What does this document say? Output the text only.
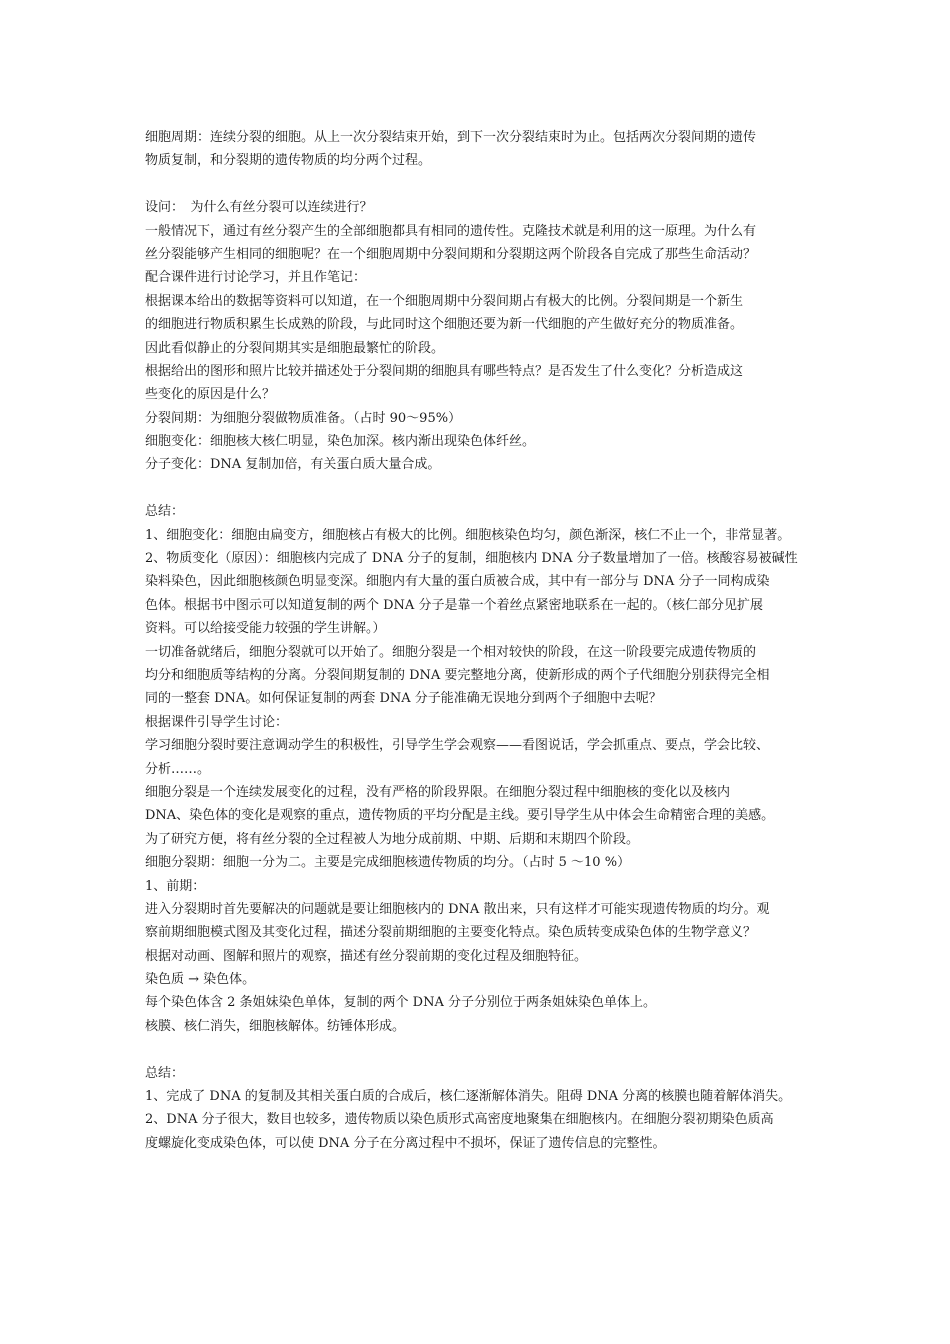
细胞周期：连续分裂的细胞。从上一次分裂结束开始，到下一次分裂结束时为止。包括两次分裂间期的遗传
物质复制，和分裂期的遗传物质的均分两个过程。
设问：　为什么有丝分裂可以连续进行？
一般情况下，通过有丝分裂产生的全部细胞都具有相同的遗传性。克隆技术就是利用的这一原理。为什么有
丝分裂能够产生相同的细胞呢？在一个细胞周期中分裂间期和分裂期这两个阶段各自完成了那些生命活动？
配合课件进行讨论学习，并且作笔记：
根据课本给出的数据等资料可以知道，在一个细胞周期中分裂间期占有极大的比例。分裂间期是一个新生
的细胞进行物质积累生长成熟的阶段，与此同时这个细胞还要为新一代细胞的产生做好充分的物质准备。
因此看似静止的分裂间期其实是细胞最繁忙的阶段。
根据给出的图形和照片比较并描述处于分裂间期的细胞具有哪些特点？是否发生了什么变化？分析造成这
些变化的原因是什么？
分裂间期：为细胞分裂做物质准备。（占时 90～95%）
细胞变化：细胞核大核仁明显，染色加深。核内渐出现染色体纤丝。
分子变化：DNA 复制加倍，有关蛋白质大量合成。
总结：
1、细胞变化：细胞由扁变方，细胞核占有极大的比例。细胞核染色均匀，颜色渐深，核仁不止一个，非常显著。
2、物质变化（原因）：细胞核内完成了 DNA 分子的复制，细胞核内 DNA 分子数量增加了一倍。核酸容易被碱性
染料染色，因此细胞核颜色明显变深。细胞内有大量的蛋白质被合成，其中有一部分与 DNA 分子一同构成染
色体。根据书中图示可以知道复制的两个 DNA 分子是靠一个着丝点紧密地联系在一起的。（核仁部分见扩展
资料。可以给接受能力较强的学生讲解。）
一切准备就绪后，细胞分裂就可以开始了。细胞分裂是一个相对较快的阶段，在这一阶段要完成遗传物质的
均分和细胞质等结构的分离。分裂间期复制的 DNA 要完整地分离，使新形成的两个子代细胞分别获得完全相
同的一整套 DNA。如何保证复制的两套 DNA 分子能准确无误地分到两个子细胞中去呢？
根据课件引导学生讨论：
学习细胞分裂时要注意调动学生的积极性，引导学生学会观察——看图说话，学会抓重点、要点，学会比较、
分析……。
细胞分裂是一个连续发展变化的过程，没有严格的阶段界限。在细胞分裂过程中细胞核的变化以及核内
DNA、染色体的变化是观察的重点，遗传物质的平均分配是主线。要引导学生从中体会生命精密合理的美感。
为了研究方便，将有丝分裂的全过程被人为地分成前期、中期、后期和末期四个阶段。
细胞分裂期：细胞一分为二。主要是完成细胞核遗传物质的均分。（占时 5 ～10 %）
1、前期：
进入分裂期时首先要解决的问题就是要让细胞核内的 DNA 散出来，只有这样才可能实现遗传物质的均分。观
察前期细胞模式图及其变化过程，描述分裂前期细胞的主要变化特点。染色质转变成染色体的生物学意义？
根据对动画、图解和照片的观察，描述有丝分裂前期的变化过程及细胞特征。
染色质 → 染色体。
每个染色体含 2 条姐妹染色单体，复制的两个 DNA 分子分别位于两条姐妹染色单体上。
核膜、核仁消失，细胞核解体。纺锤体形成。
总结：
1、完成了 DNA 的复制及其相关蛋白质的合成后，核仁逐渐解体消失。阻碍 DNA 分离的核膜也随着解体消失。
2、DNA 分子很大，数目也较多，遗传物质以染色质形式高密度地聚集在细胞核内。在细胞分裂初期染色质高
度螺旋化变成染色体，可以使 DNA 分子在分离过程中不损坏，保证了遗传信息的完整性。
